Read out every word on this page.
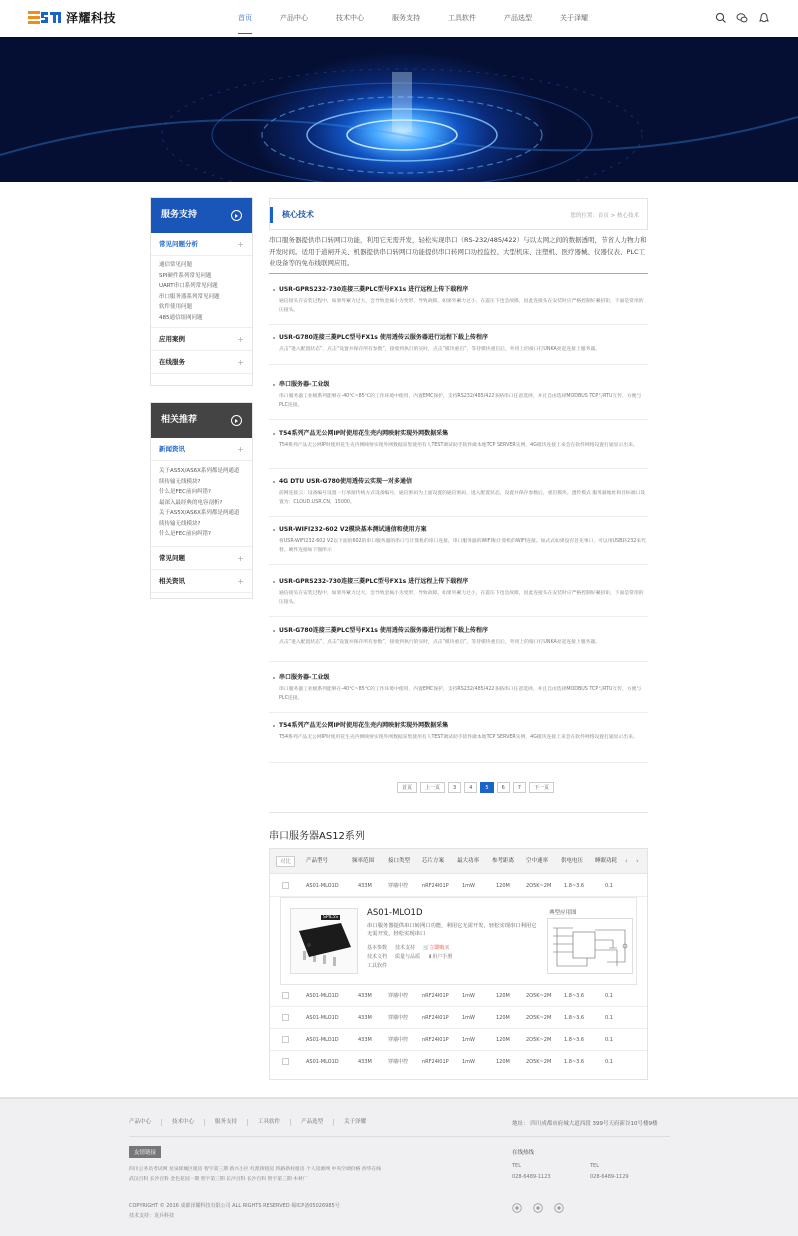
泽耀科技	首页	产品中心	技术中心	服务支持	工具软件	产品选型	关于泽耀
服务支持
常见问题分析	+
通信常见问题
SPI硬件系列常见问题
UART串口系列常见问题
串口服务器系列常见问题
软件使用问题
485通信组网问题
应用案例	+
在线服务	+
相关推荐
新闻资讯	+
关于AS5X/AS6X系列都是两通道
续传输无线模块?
什么是FEC前向纠错?
最深入最经典的电容剖析?
关于AS5X/AS6X系列都是两通道
续传输无线模块?
什么是FEC前向纠错?
常见问题	+
相关资讯	+
核心技术	您的位置：首页 > 核心技术
串口服务器提供串口转网口功能，利用它无需开发，轻松实现串口（RS-232/485/422）与以太网之间的数据透明，节省人力物力和开发时间。适用于道闸开关、机器提供串口转网口功能提供串口转网口功控监控、大型机床、注塑机、医疗器械、仪器仪表、PLC工业设备等的免布线联网应用。
USR-GPRS232-730连接三菱PLC型号FX1s 进行远程上传下载程序
通信接头在安装过程中，如果外紧力过大，会导致金属小为变形，导致故障。如果外紧力过小，在震压下也会故障，因此连接头在安装时应严格控制好紧扭矩，下面是常用的压接头。
USR-G780连接三菱PLC型号FX1s 使用透传云服务器进行远程下载上传程序
点击“进入配置状态”，点击“设置并保存所有参数”，接收到执行的实时，点击“模块重启”，等待模块重启后，外用上的接口打UNKA亮起连接上服务器。
串口服务器-工业级
串口服务器工业级系列能够在-40℃~85℃的工作环境中使用，内置EMC保护，支持RS232/485/422多路串口任意选择，并且自由选择MODBUS TCP与RTU互传，方便与PLC连接。
T54系列产品无公网IP时使用花生壳内网映射实现外网数据采集
T54系列产品无公网IP时使用花生壳内网映射实现外网数据采集使用有人TEST调试助手软件做本地TCP SERVER实例，4G模块连接上来会在软件网络设置打通显示出来。
4G DTU USR-G780使用透传云实现一对多通信
前网连接云：设备编号设置一行承接传统方式设备编号，通信密码为上面设置的通信密码，进入配置状态，设置并保存参数后，重启模块。透传模式 服务器地址和目标端口设置为：CLOUD.USR.CN，15000。
USR-WIFI232-602 V2模块基本测试通信和使用方案
将USR-WIFI232-602 V2以下面的602的串口服务器的串口与计算机的串口连接，串口服务器的WIFI和计算机的WIFI连接。如式式如果没有首先事口，可以用USB转232来代替。硬件连接如下图所示
USR-GPRS232-730连接三菱PLC型号FX1s 进行远程上传下载程序
通信接头在安装过程中，如果外紧力过大，会导致金属小为变形，导致故障。如果外紧力过小，在震压下也会故障，因此连接头在安装时应严格控制好紧扭矩，下面是常用的压接头。
USR-G780连接三菱PLC型号FX1s 使用透传云服务器进行远程下载上传程序
点击“进入配置状态”，点击“设置并保存所有参数”，接收到执行的实时，点击“模块重启”，等待模块重启后，外用上的接口打UNKA亮起连接上服务器。
串口服务器-工业级
串口服务器工业级系列能够在-40℃~85℃的工作环境中使用，内置EMC保护，支持RS232/485/422多路串口任意选择，并且自由选择MODBUS TCP与RTU互传，方便与PLC连接。
T54系列产品无公网IP时使用花生壳内网映射实现外网数据采集
T54系列产品无公网IP时使用花生壳内网映射实现外网数据采集使用有人TEST调试助手软件做本地TCP SERVER实例，4G模块连接上来会在软件网络设置打通显示出来。
首页	上一页	3	4	5	6	7	下一页
串口服务器AS12系列
对比	产品型号	频率范围	接口类型 芯片方案 最大功率 参考距离 空中速率 供电电压 睡眠功耗 ‹ ›
AS01-MLO1D	433M	穿墙中控	nRF24l01P	1mW	120M	2O5K~2M	1.8~3.6	0.1
SPIL5S	AS01-MLO1D
串口服务器提供串口转网口功能，利用它无需开发，轻松实现串口利用它无需开发，轻松实现串口
基本参数 技术支持 🛒立即购买
技术文档 质量与品质 ⬇用户手册
工具软件
典型应用图
AS01-MLO1D	433M	穿墙中控	nRF24l01P	1mW	120M	2O5K~2M	1.8~3.6	0.1
AS01-MLO1D	433M	穿墙中控	nRF24l01P	1mW	120M	2O5K~2M	1.8~3.6	0.1
AS01-MLO1D	433M	穿墙中控	nRF24l01P	1mW	120M	2O5K~2M	1.8~3.6	0.1
AS01-MLO1D	433M	穿墙中控	nRF24l01P	1mW	120M	2O5K~2M	1.8~3.6	0.1
产品中心	技术中心	服务支持	工具软件	产品选型	关于泽耀	地址： 四川成都市府城大道西段 399号天府新谷10号楼9楼
友情链接
四川公务员考试网 龙泉驿城区租房 智宇第三期 新兴小区 红派街租房 铁路新村租房 个人房源网 中央空调价格 西华在线
武汉百科 长沙百科 金色花园一期 智宇第三期 长沙百科 长沙百科 智宇第三期 木材厂
在线热线
TEL
028-6489-1123
TEL
028-6489-1129
COPYRIGHT © 2016 成都泽耀科技有限公司 ALL RIGHTS RESERVED 蜀ICP备05026985号
技术支持：龙兵科技
